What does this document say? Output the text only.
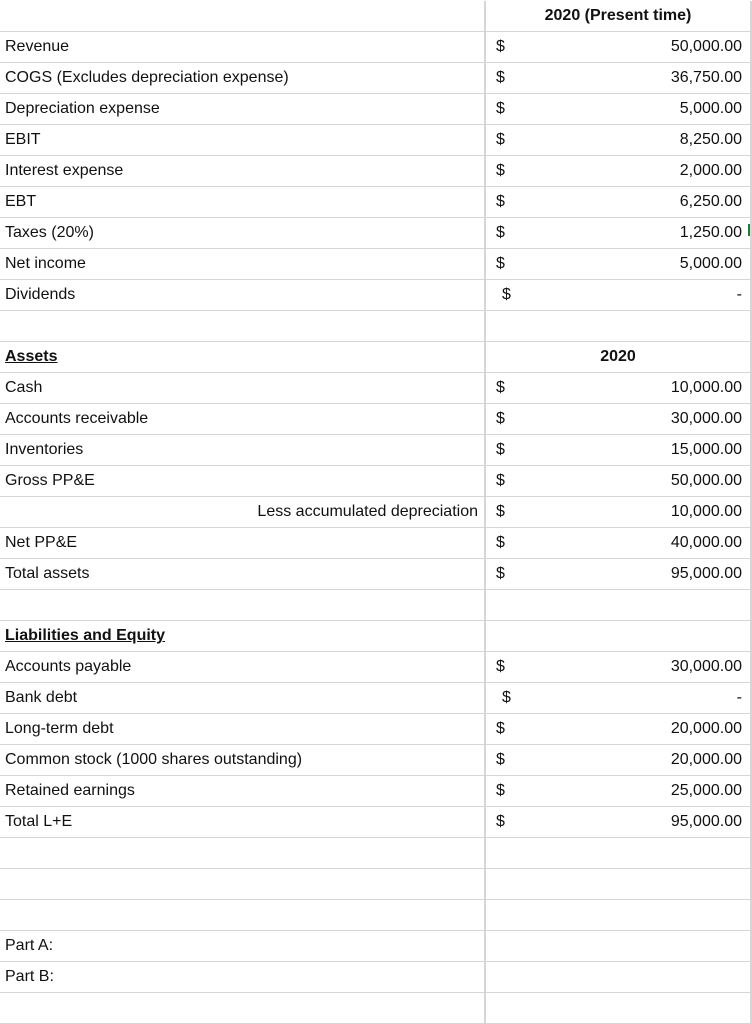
2020 (Present time)
Revenue	$	50,000.00
COGS (Excludes depreciation expense)	$	36,750.00
Depreciation expense	$	5,000.00
EBIT	$	8,250.00
Interest expense	$	2,000.00
EBT	$	6,250.00
Taxes (20%)	$	1,250.00
Net income	$	5,000.00
Dividends	$	-
Assets	2020
Cash	$	10,000.00
Accounts receivable	$	30,000.00
Inventories	$	15,000.00
Gross PP&E	$	50,000.00
Less accumulated depreciation $	10,000.00
Net PP&E	$	40,000.00
Total assets	$	95,000.00
Liabilities and Equity
Accounts payable	$	30,000.00
Bank debt	$	-
Long-term debt	$	20,000.00
Common stock (1000 shares outstanding)	$	20,000.00
Retained earnings	$	25,000.00
Total L+E	$	95,000.00
Part A:
Part B:
